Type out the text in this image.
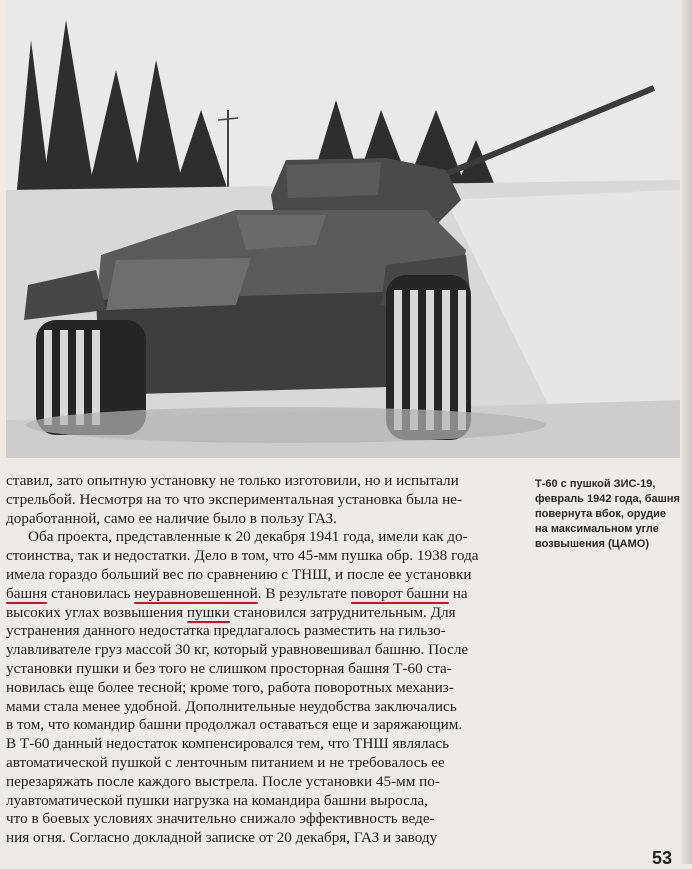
ставил, зато опытную установку не только изготовили, но и испытали
стрельбой. Несмотря на то что экспериментальная установка была не-
доработанной, само ее наличие было в пользу ГАЗ.
Оба проекта, представленные к 20 декабря 1941 года, имели как до-
стоинства, так и недостатки. Дело в том, что 45-мм пушка обр. 1938 года
имела гораздо больший вес по сравнению с ТНШ, и после ее установки
башня становилась неуравновешенной. В результате поворот башни на
высоких углах возвышения пушки становился затруднительным. Для
устранения данного недостатка предлагалось разместить на гильзо-
улавливателе груз массой 30 кг, который уравновешивал башню. После
установки пушки и без того не слишком просторная башня Т-60 ста-
новилась еще более тесной; кроме того, работа поворотных механиз-
мами стала менее удобной. Дополнительные неудобства заключались
в том, что командир башни продолжал оставаться еще и заряжающим.
В Т-60 данный недостаток компенсировался тем, что ТНШ являлась
автоматической пушкой с ленточным питанием и не требовалось ее
перезаряжать после каждого выстрела. После установки 45-мм по-
луавтоматической пушки нагрузка на командира башни выросла,
что в боевых условиях значительно снижало эффективность веде-
ния огня. Согласно докладной записке от 20 декабря, ГАЗ и заводу
Т-60 с пушкой ЗИС-19,
февраль 1942 года, башня
повернута вбок, орудие
на максимальном угле
возвышения (ЦАМО)
53
